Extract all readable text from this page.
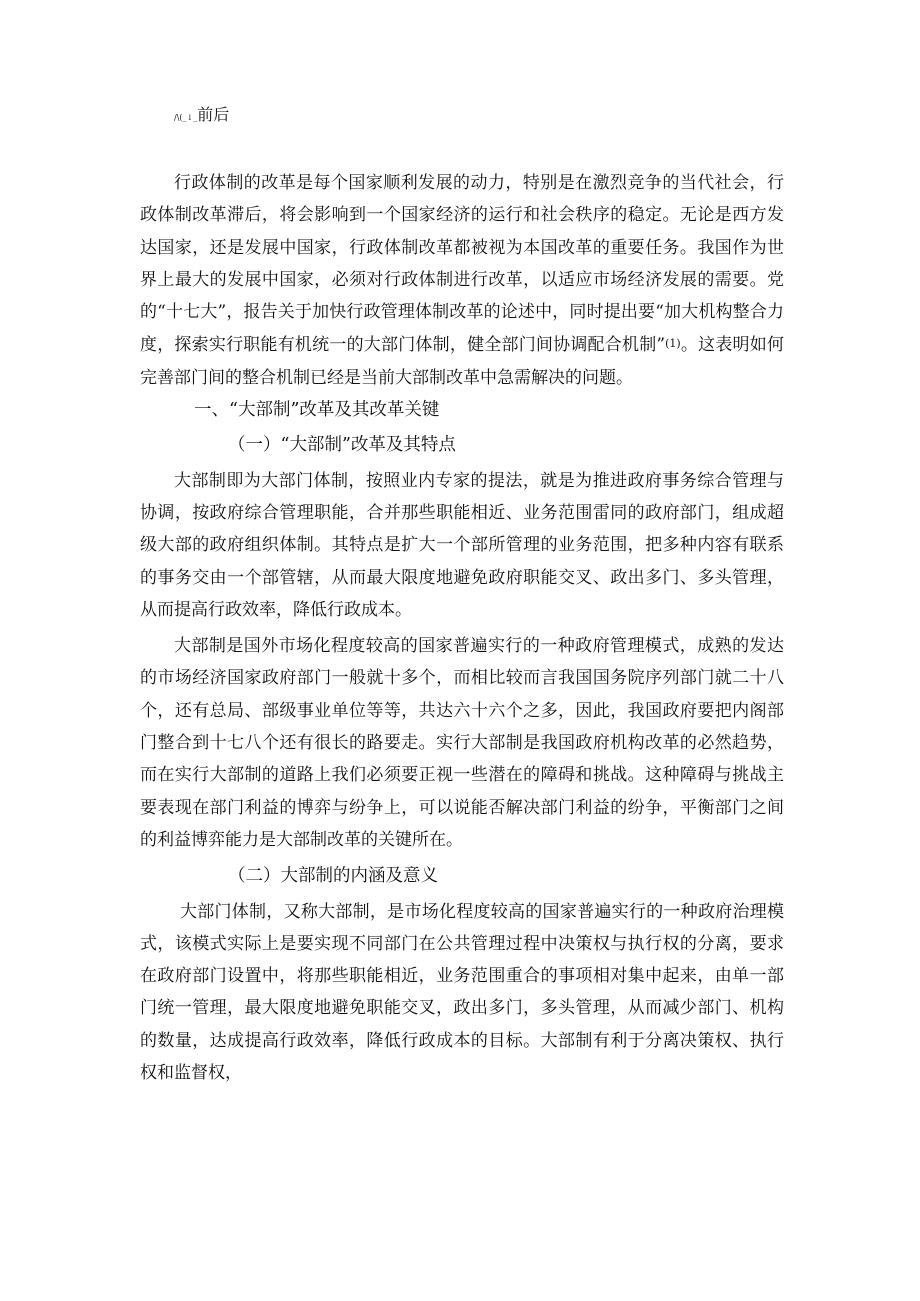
/\(_↓_前后

行政体制的改革是每个国家顺利发展的动力，特别是在激烈竞争的当代社会，行政体制改革滞后，将会影响到一个国家经济的运行和社会秩序的稳定。无论是西方发达国家，还是发展中国家，行政体制改革都被视为本国改革的重要任务。我国作为世界上最大的发展中国家，必须对行政体制进行改革，以适应市场经济发展的需要。党的“十七大”，报告关于加快行政管理体制改革的论述中，同时提出要“加大机构整合力度，探索实行职能有机统一的大部门体制，健全部门间协调配合机制”$^{(1)}$。这表明如何完善部门间的整合机制已经是当前大部制改革中急需解决的问题。

一、“大部制”改革及其改革关键
（一）“大部制”改革及其特点

大部制即为大部门体制，按照业内专家的提法，就是为推进政府事务综合管理与协调，按政府综合管理职能，合并那些职能相近、业务范围雷同的政府部门，组成超级大部的政府组织体制。其特点是扩大一个部所管理的业务范围，把多种内容有联系的事务交由一个部管辖，从而最大限度地避免政府职能交叉、政出多门、多头管理，从而提高行政效率，降低行政成本。

大部制是国外市场化程度较高的国家普遍实行的一种政府管理模式，成熟的发达的市场经济国家政府部门一般就十多个，而相比较而言我国国务院序列部门就二十八个，还有总局、部级事业单位等等，共达六十六个之多，因此，我国政府要把内阁部门整合到十七八个还有很长的路要走。实行大部制是我国政府机构改革的必然趋势，而在实行大部制的道路上我们必须要正视一些潜在的障碍和挑战。这种障碍与挑战主要表现在部门利益的博弈与纷争上，可以说能否解决部门利益的纷争，平衡部门之间的利益博弈能力是大部制改革的关键所在。

（二）大部制的内涵及意义

大部门体制，又称大部制，是市场化程度较高的国家普遍实行的一种政府治理模式，该模式实际上是要实现不同部门在公共管理过程中决策权与执行权的分离，要求在政府部门设置中，将那些职能相近，业务范围重合的事项相对集中起来，由单一部门统一管理，最大限度地避免职能交叉，政出多门，多头管理，从而减少部门、机构的数量，达成提高行政效率，降低行政成本的目标。大部制有利于分离决策权、执行权和监督权，
